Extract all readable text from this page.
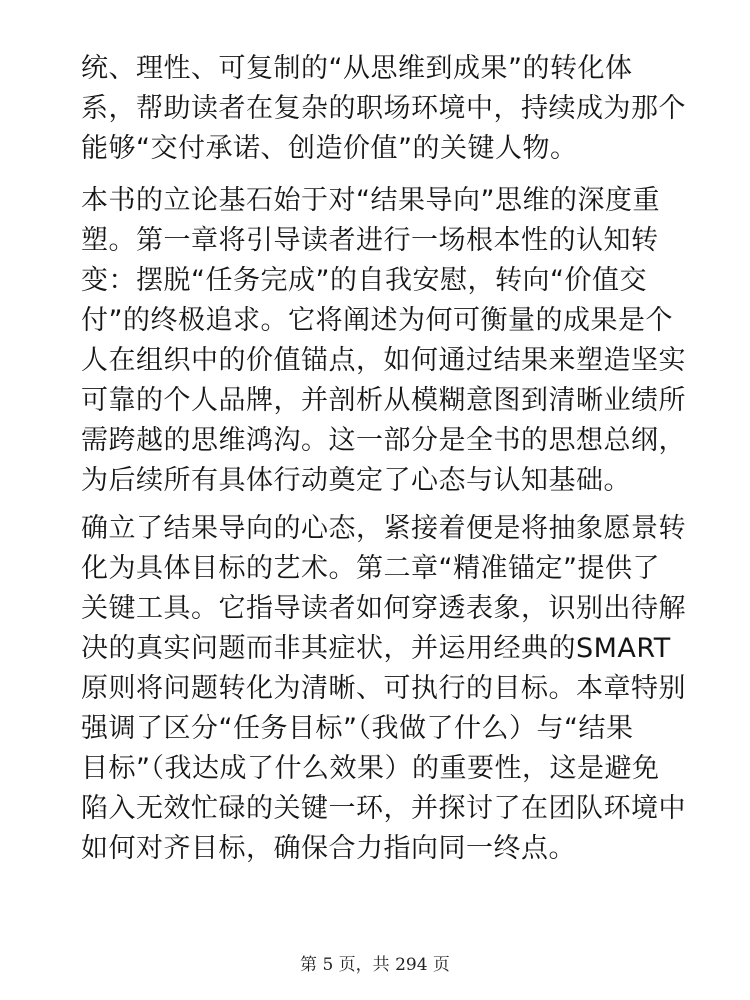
统、理性、可复制的“从思维到成果”的转化体
系，帮助读者在复杂的职场环境中，持续成为那个
能够“交付承诺、创造价值”的关键人物。
本书的立论基石始于对“结果导向”思维的深度重
塑。第一章将引导读者进行一场根本性的认知转
变：摆脱“任务完成”的自我安慰，转向“价值交
付”的终极追求。它将阐述为何可衡量的成果是个
人在组织中的价值锚点，如何通过结果来塑造坚实
可靠的个人品牌，并剖析从模糊意图到清晰业绩所
需跨越的思维鸿沟。这一部分是全书的思想总纲，
为后续所有具体行动奠定了心态与认知基础。
确立了结果导向的心态，紧接着便是将抽象愿景转
化为具体目标的艺术。第二章“精准锚定”提供了
关键工具。它指导读者如何穿透表象，识别出待解
决的真实问题而非其症状，并运用经典的SMART
原则将问题转化为清晰、可执行的目标。本章特别
强调了区分“任务目标”（我做了什么）与“结果
目标”（我达成了什么效果）的重要性，这是避免
陷入无效忙碌的关键一环，并探讨了在团队环境中
如何对齐目标，确保合力指向同一终点。
第 5 页，共 294 页
